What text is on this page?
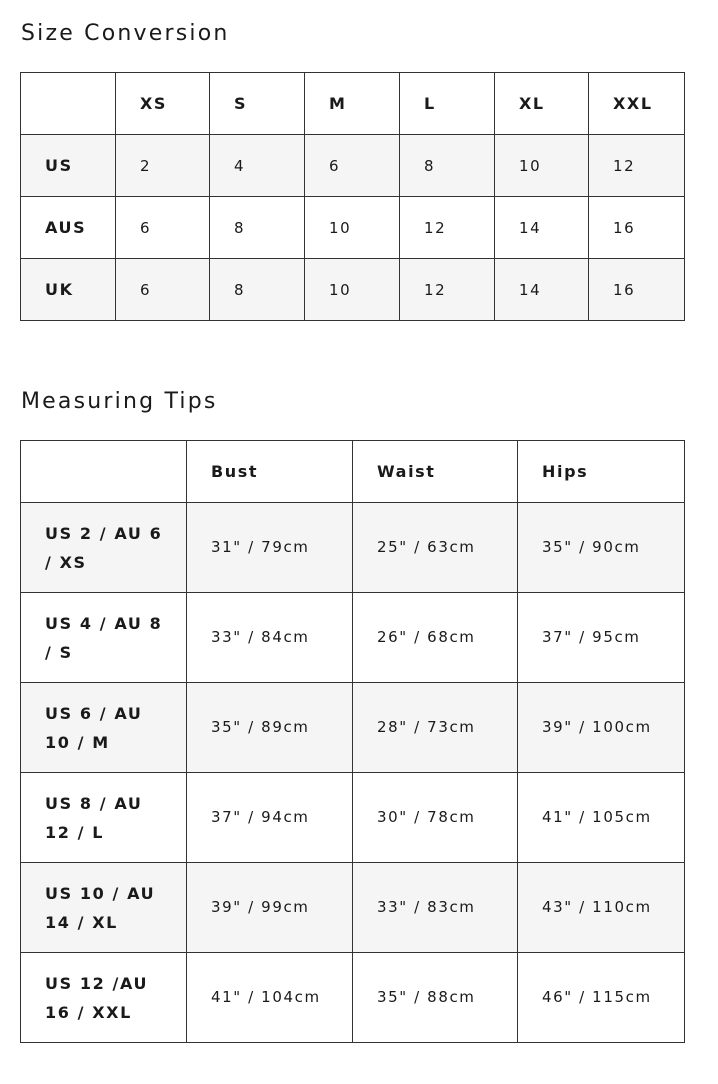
Size Conversion
	XS	S	M	L	XL	XXL
US	2	4	6	8	10	12
AUS	6	8	10	12	14	16
UK	6	8	10	12	14	16
Measuring Tips
	Bust	Waist	Hips
US 2 / AU 6 / XS	31" / 79cm	25" / 63cm	35" / 90cm
US 4 / AU 8 / S	33" / 84cm	26" / 68cm	37" / 95cm
US 6 / AU 10 / M	35" / 89cm	28" / 73cm	39" / 100cm
US 8 / AU 12 / L	37" / 94cm	30" / 78cm	41" / 105cm
US 10 / AU 14 / XL	39" / 99cm	33" / 83cm	43" / 110cm
US 12 /AU 16 / XXL	41" / 104cm	35" / 88cm	46" / 115cm
